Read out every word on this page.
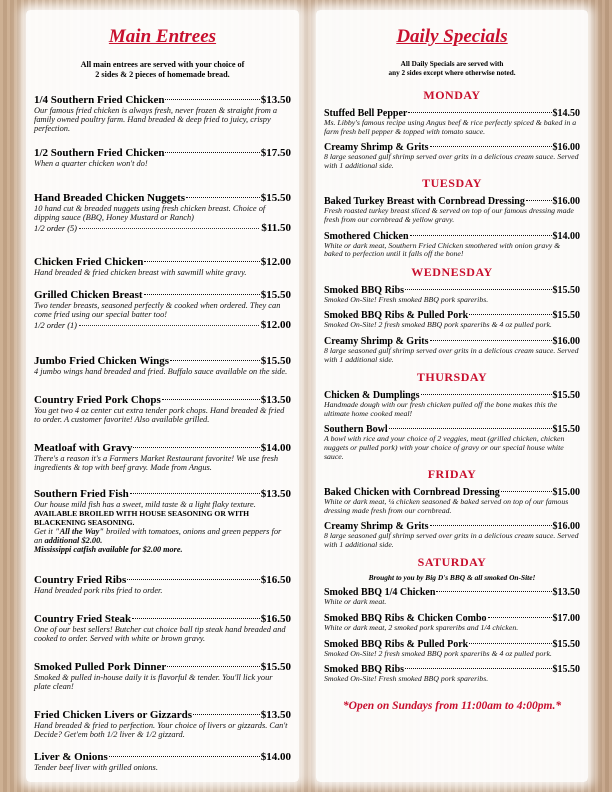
Main Entrees
All main entrees are served with your choice of
2 sides & 2 pieces of homemade bread.
1/4 Southern Fried Chicken	$13.50
Our famous fried chicken is always fresh, never frozen & straight from a family owned poultry farm. Hand breaded & deep fried to juicy, crispy perfection.
1/2 Southern Fried Chicken	$17.50
When a quarter chicken won't do!
Hand Breaded Chicken Nuggets	$15.50
10 hand cut & breaded nuggets using fresh chicken breast. Choice of dipping sauce (BBQ, Honey Mustard or Ranch)
1/2 order (5)	$11.50
Chicken Fried Chicken	$12.00
Hand breaded & fried chicken breast with sawmill white gravy.
Grilled Chicken Breast	$15.50
Two tender breasts, seasoned perfectly & cooked when ordered. They can come fried using our special batter too!
1/2 order (1)	$12.00
Jumbo Fried Chicken Wings	$15.50
4 jumbo wings hand breaded and fried. Buffalo sauce available on the side.
Country Fried Pork Chops	$13.50
You get two 4 oz center cut extra tender pork chops. Hand breaded & fried to order. A customer favorite! Also available grilled.
Meatloaf with Gravy	$14.00
There's a reason it's a Farmers Market Restaurant favorite! We use fresh ingredients & top with beef gravy. Made from Angus.
Southern Fried Fish	$13.50
Our house mild fish has a sweet, mild taste & a light flaky texture.
AVAILABLE BROILED WITH HOUSE SEASONING OR WITH BLACKENING SEASONING.
Get it "All the Way" broiled with tomatoes, onions and green peppers for an additional $2.00.
Mississippi catfish available for $2.00 more.
Country Fried Ribs	$16.50
Hand breaded pork ribs fried to order.
Country Fried Steak	$16.50
One of our best sellers! Butcher cut choice ball tip steak hand breaded and cooked to order. Served with white or brown gravy.
Smoked Pulled Pork Dinner	$15.50
Smoked & pulled in-house daily it is flavorful & tender. You'll lick your plate clean!
Fried Chicken Livers or Gizzards	$13.50
Hand breaded & fried to perfection. Your choice of livers or gizzards. Can't Decide? Get'em both 1/2 liver & 1/2 gizzard.
Liver & Onions	$14.00
Tender beef liver with grilled onions.
Daily Specials
All Daily Specials are served with
any 2 sides except where otherwise noted.
MONDAY
Stuffed Bell Pepper	$14.50
Ms. Libby's famous recipe using Angus beef & rice perfectly spiced & baked in a farm fresh bell pepper & topped with tomato sauce.
Creamy Shrimp & Grits	$16.00
8 large seasoned gulf shrimp served over grits in a delicious cream sauce. Served with 1 additional side.
TUESDAY
Baked Turkey Breast with Cornbread Dressing	$16.00
Fresh roasted turkey breast sliced & served on top of our famous dressing made fresh from our cornbread & yellow gravy.
Smothered Chicken	$14.00
White or dark meat, Southern Fried Chicken smothered with onion gravy & baked to perfection until it falls off the bone!
WEDNESDAY
Smoked BBQ Ribs	$15.50
Smoked On-Site! Fresh smoked BBQ pork spareribs.
Smoked BBQ Ribs & Pulled Pork	$15.50
Smoked On-Site! 2 fresh smoked BBQ pork spareribs & 4 oz pulled pork.
Creamy Shrimp & Grits	$16.00
8 large seasoned gulf shrimp served over grits in a delicious cream sauce. Served with 1 additional side.
THURSDAY
Chicken & Dumplings	$15.50
Handmade dough with our fresh chicken pulled off the bone makes this the ultimate home cooked meal!
Southern Bowl	$15.50
A bowl with rice and your choice of 2 veggies, meat (grilled chicken, chicken nuggets or pulled pork) with your choice of gravy or our special house white sauce.
FRIDAY
Baked Chicken with Cornbread Dressing	$15.00
White or dark meat, ¼ chicken seasoned & baked served on top of our famous dressing made fresh from our cornbread.
Creamy Shrimp & Grits	$16.00
8 large seasoned gulf shrimp served over grits in a delicious cream sauce. Served with 1 additional side.
SATURDAY
Brought to you by Big D's BBQ & all smoked On-Site!
Smoked BBQ 1/4 Chicken	$13.50
White or dark meat.
Smoked BBQ Ribs & Chicken Combo	$17.00
White or dark meat, 2 smoked pork spareribs and 1/4 chicken.
Smoked BBQ Ribs & Pulled Pork	$15.50
Smoked On-Site! 2 fresh smoked BBQ pork spareribs & 4 oz pulled pork.
Smoked BBQ Ribs	$15.50
Smoked On-Site! Fresh smoked BBQ pork spareribs.
*Open on Sundays from 11:00am to 4:00pm.*
